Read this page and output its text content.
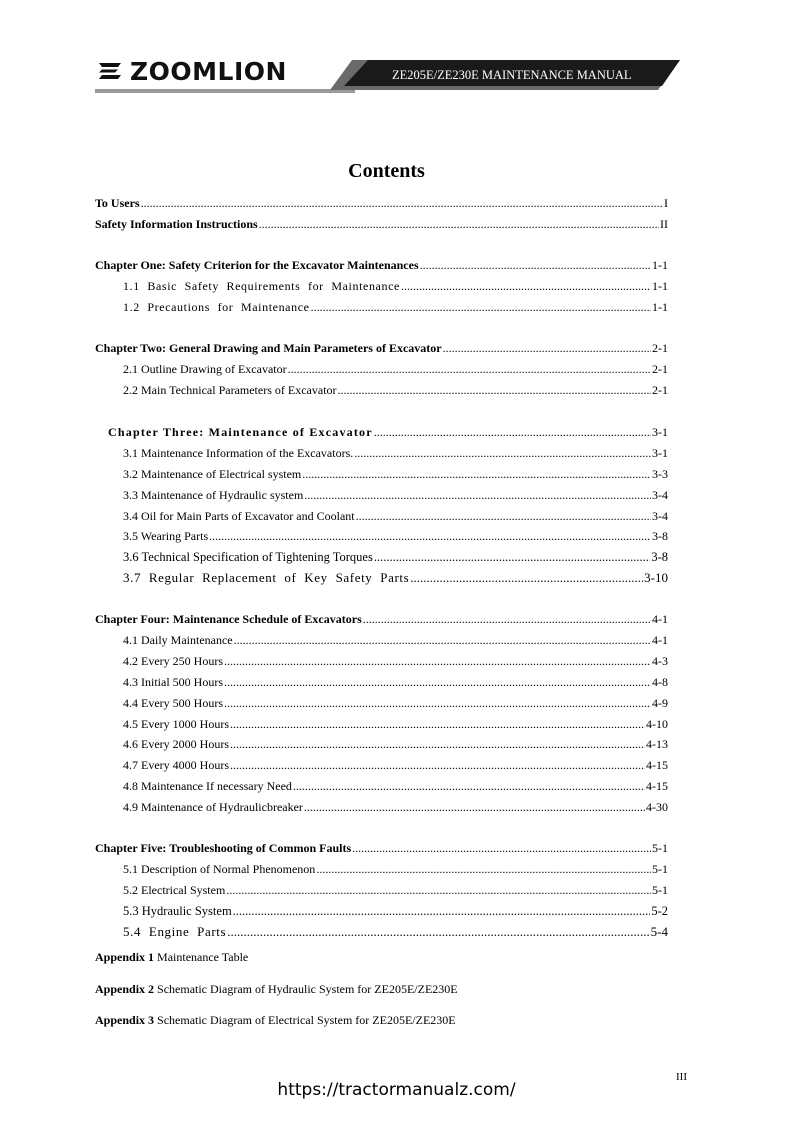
ZOOMLION	ZE205E/ZE230E MAINTENANCE MANUAL
Contents
To Users .....	I
Safety Information Instructions .....	II
Chapter One: Safety Criterion for the Excavator Maintenances .....	1-1
1.1 Basic Safety Requirements for Maintenance .....	1-1
1.2 Precautions for Maintenance .....	1-1
Chapter Two: General Drawing and Main Parameters of Excavator .....	2-1
2.1 Outline Drawing of Excavator .....	2-1
2.2 Main Technical Parameters of Excavator .....	2-1
Chapter Three: Maintenance of Excavator .....	3-1
3.1 Maintenance Information of the Excavators. .....	3-1
3.2 Maintenance of Electrical system .....	3-3
3.3 Maintenance of Hydraulic system .....	3-4
3.4 Oil for Main Parts of Excavator and Coolant .....	3-4
3.5 Wearing Parts .....	3-8
3.6 Technical Specification of Tightening Torques .....	3-8
3.7 Regular Replacement of Key Safety Parts .....	3-10
Chapter Four: Maintenance Schedule of Excavators .....	4-1
4.1 Daily Maintenance .....	4-1
4.2 Every 250 Hours .....	4-3
4.3 Initial 500 Hours .....	4-8
4.4 Every 500 Hours .....	4-9
4.5 Every 1000 Hours .....	4-10
4.6 Every 2000 Hours .....	4-13
4.7 Every 4000 Hours .....	4-15
4.8 Maintenance If necessary Need .....	4-15
4.9 Maintenance of Hydraulicbreaker .....	4-30
Chapter Five: Troubleshooting of Common Faults .....	5-1
5.1 Description of Normal Phenomenon .....	5-1
5.2 Electrical System .....	5-1
5.3 Hydraulic System .....	5-2
5.4 Engine Parts .....	5-4
Appendix 1 Maintenance Table
Appendix 2 Schematic Diagram of Hydraulic System for ZE205E/ZE230E
Appendix 3 Schematic Diagram of Electrical System for ZE205E/ZE230E
III
https://tractormanualz.com/
